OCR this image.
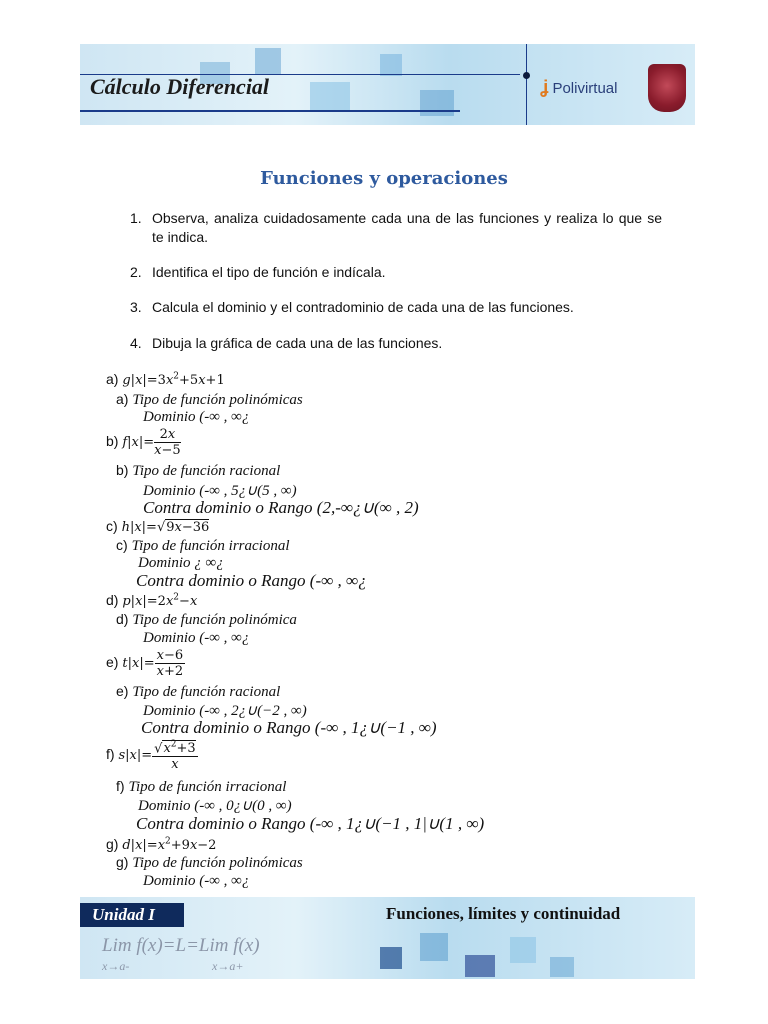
Cálculo Diferencial	ʝ Polivirtual
Funciones y operaciones
1. Observa, analiza cuidadosamente cada una de las funciones y realiza lo que se te indica.
2. Identifica el tipo de función e indícala.
3. Calcula el dominio y el contradominio de cada una de las funciones.
4. Dibuja la gráfica de cada una de las funciones.
a) $g|x|=3x^2+5x+1$
a) Tipo de función polinómicas
Dominio (-∞ , ∞¿
b) $f|x|= \frac{2x}{x-5}$
b) Tipo de función racional
Dominio (-∞ , 5¿∪(5 , ∞)
Contra dominio o Rango (2,-∞¿∪(∞ , 2)
c) h|x|=√9x−36
c) Tipo de función irracional
Dominio ¿ ∞¿
Contra dominio o Rango (-∞ , ∞¿
d) $p|x|=2x^2-x$
d) Tipo de función polinómica
Dominio (-∞ , ∞¿
e) $t|x|= \frac{x-6}{x+2}$
e) Tipo de función racional
Dominio (-∞ , 2¿∪(−2 , ∞)
Contra dominio o Rango (-∞ , 1¿∪(−1 , ∞)
f) $s|x|= \frac{√x^2+3}{x}$
f) Tipo de función irracional
Dominio (-∞ , 0¿∪(0 , ∞)
Contra dominio o Rango (-∞ , 1¿∪(−1 , 1|∪(1 , ∞)
g) $d|x|=x^2+9x-2$
g) Tipo de función polinómicas
Dominio (-∞ , ∞¿
Unidad I	Funciones, límites y continuidad
Lim f(x)=L=Lim f(x)
x→a-	x→a+
